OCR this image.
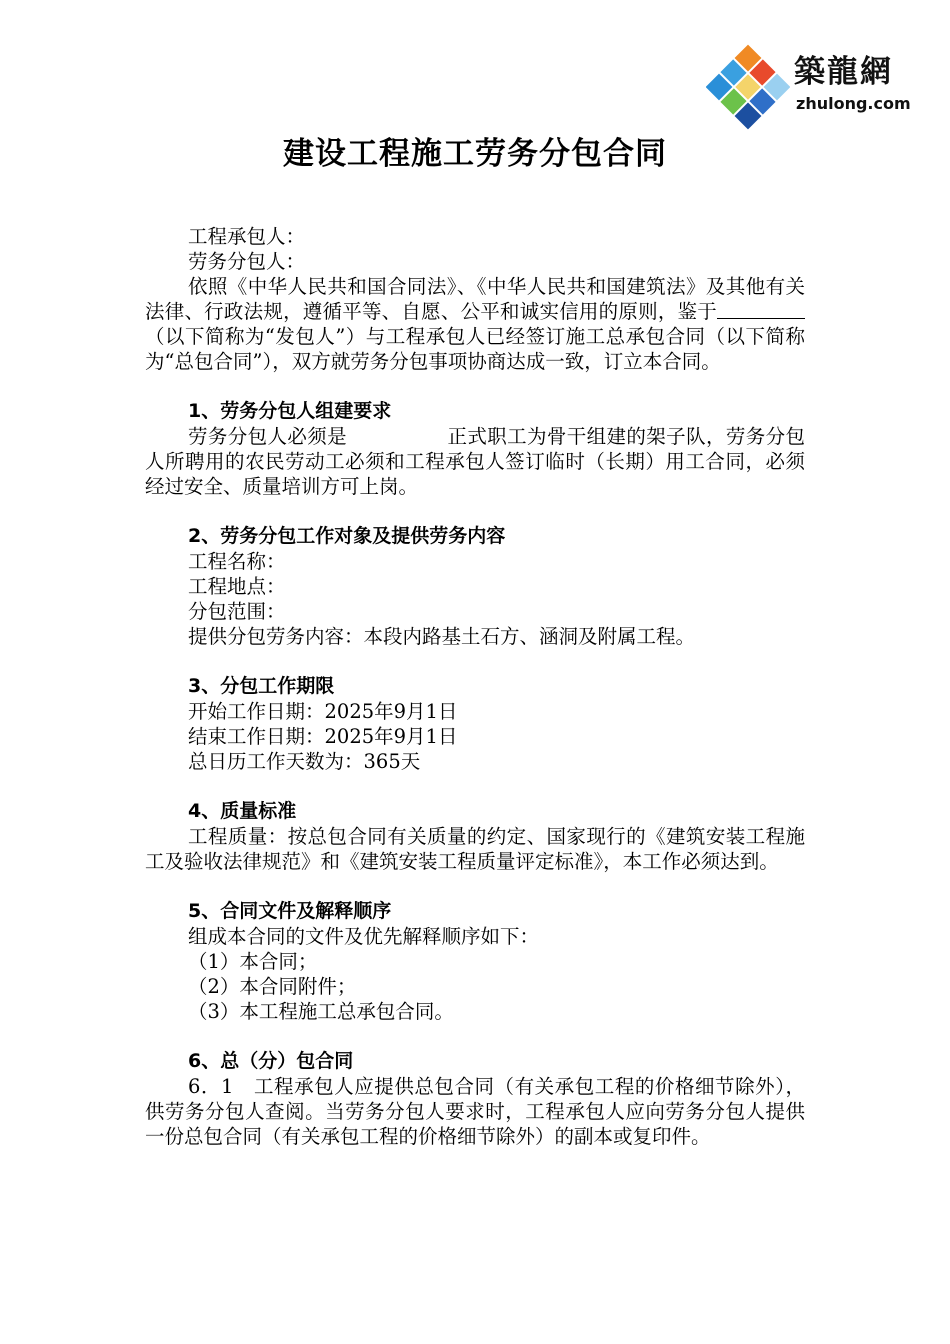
築龍網
zhulong.com
建设工程施工劳务分包合同

工程承包人：

劳务分包人：

依照《中华人民共和国合同法》、《中华人民共和国建筑法》及其他有关法律、行政法规，遵循平等、自愿、公平和诚实信用的原则，鉴于（以下简称为“发包人”）与工程承包人已经签订施工总承包合同（以下简称为“总包合同”），双方就劳务分包事项协商达成一致，订立本合同。

1、劳务分包人组建要求

劳务分包人必须是	正式职工为骨干组建的架子队，劳务分包人所聘用的农民劳动工必须和工程承包人签订临时（长期）用工合同，必须经过安全、质量培训方可上岗。

2、劳务分包工作对象及提供劳务内容

工程名称：

工程地点：

分包范围：

提供分包劳务内容：本段内路基土石方、涵洞及附属工程。

3、分包工作期限

开始工作日期：2025年9月1日

结束工作日期：2025年9月1日

总日历工作天数为：365天

4、质量标准

工程质量：按总包合同有关质量的约定、国家现行的《建筑安装工程施工及验收法律规范》和《建筑安装工程质量评定标准》，本工作必须达到。

5、合同文件及解释顺序

组成本合同的文件及优先解释顺序如下：

（1）本合同；

（2）本合同附件；

（3）本工程施工总承包合同。

6、总（分）包合同

6．1　工程承包人应提供总包合同（有关承包工程的价格细节除外），供劳务分包人查阅。当劳务分包人要求时，工程承包人应向劳务分包人提供一份总包合同（有关承包工程的价格细节除外）的副本或复印件。
